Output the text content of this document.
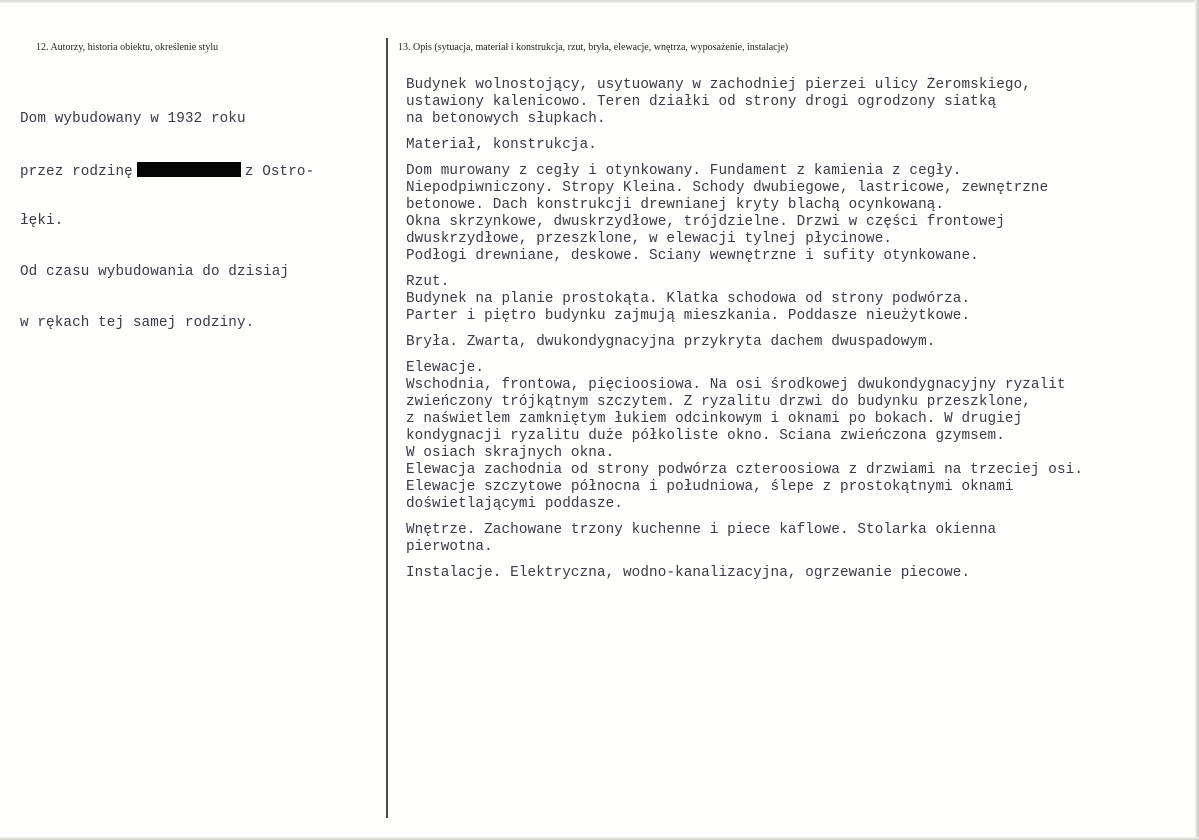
12. Autorzy, historia obiektu, określenie stylu	13. Opis (sytuacja, materiał i konstrukcja, rzut, bryła, elewacje, wnętrza, wyposażenie, instalacje)

Dom wybudowany w 1932 roku

przez rodzinę	z Ostro-

łęki.

Od czasu wybudowania do dzisiaj

w rękach tej samej rodziny.

Budynek wolnostojący, usytuowany w zachodniej pierzei ulicy Żeromskiego,
ustawiony kalenicowo. Teren działki od strony drogi ogrodzony siatką
na betonowych słupkach.
Materiał, konstrukcja.
Dom murowany z cegły i otynkowany. Fundament z kamienia z cegły.
Niepodpiwniczony. Stropy Kleina. Schody dwubiegowe, lastricowe, zewnętrzne
betonowe. Dach konstrukcji drewnianej kryty blachą ocynkowaną.
Okna skrzynkowe, dwuskrzydłowe, trójdzielne. Drzwi w części frontowej
dwuskrzydłowe, przeszklone, w elewacji tylnej płycinowe.
Podłogi drewniane, deskowe. Sciany wewnętrzne i sufity otynkowane.
Rzut.
Budynek na planie prostokąta. Klatka schodowa od strony podwórza.
Parter i piętro budynku zajmują mieszkania. Poddasze nieużytkowe.
Bryła. Zwarta, dwukondygnacyjna przykryta dachem dwuspadowym.
Elewacje.
Wschodnia, frontowa, pięcioosiowa. Na osi środkowej dwukondygnacyjny ryzalit
zwieńczony trójkątnym szczytem. Z ryzalitu drzwi do budynku przeszklone,
z naświetlem zamkniętym łukiem odcinkowym i oknami po bokach. W drugiej
kondygnacji ryzalitu duże półkoliste okno. Sciana zwieńczona gzymsem.
W osiach skrajnych okna.
Elewacja zachodnia od strony podwórza czteroosiowa z drzwiami na trzeciej osi.
Elewacje szczytowe północna i południowa, ślepe z prostokątnymi oknami
doświetlającymi poddasze.
Wnętrze. Zachowane trzony kuchenne i piece kaflowe. Stolarka okienna
pierwotna.
Instalacje. Elektryczna, wodno-kanalizacyjna, ogrzewanie piecowe.
